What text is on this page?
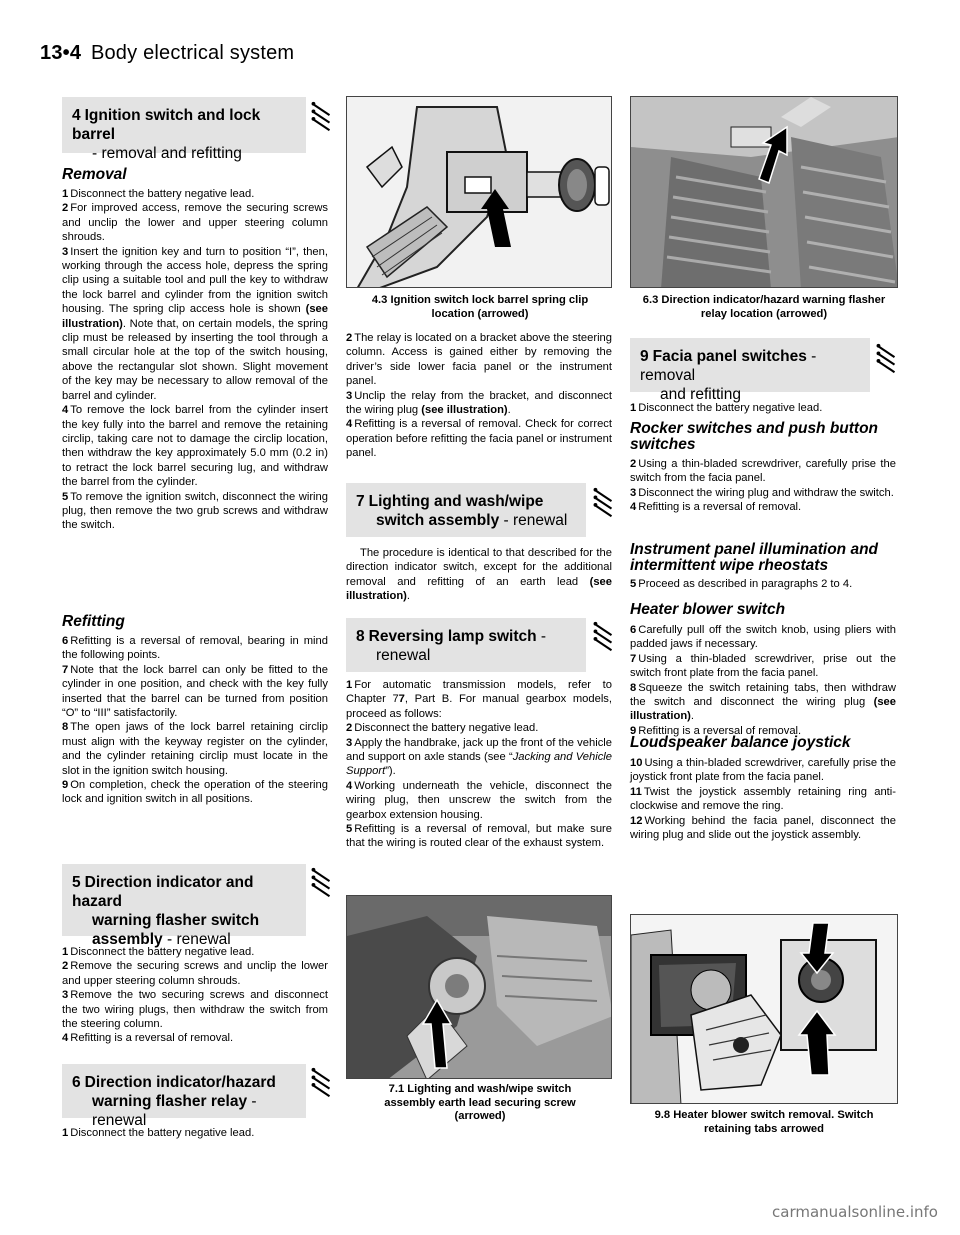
13•4 Body electrical system
4 Ignition switch and lock barrel
- removal and refitting
Removal

1 Disconnect the battery negative lead.

2 For improved access, remove the securing screws and unclip the lower and upper steering column shrouds.

3 Insert the ignition key and turn to position “I”, then, working through the access hole, depress the spring clip using a suitable tool and pull the key to withdraw the lock barrel and cylinder from the ignition switch housing. The spring clip access hole is shown (see illustration). Note that, on certain models, the spring clip must be released by inserting the tool through a small circular hole at the top of the switch housing, above the rectangular slot shown. Slight movement of the key may be necessary to allow removal of the barrel and cylinder.

4 To remove the lock barrel from the cylinder insert the key fully into the barrel and remove the retaining circlip, taking care not to damage the circlip location, then withdraw the key approximately 5.0 mm (0.2 in) to retract the lock barrel securing lug, and withdraw the barrel from the cylinder.

5 To remove the ignition switch, disconnect the wiring plug, then remove the two grub screws and withdraw the switch.

Refitting

6 Refitting is a reversal of removal, bearing in mind the following points.

7 Note that the lock barrel can only be fitted to the cylinder in one position, and check with the key fully inserted that the barrel can be turned from position “O” to “III” satisfactorily.

8 The open jaws of the lock barrel retaining circlip must align with the keyway register on the cylinder, and the cylinder retaining circlip must locate in the slot in the ignition switch housing.

9 On completion, check the operation of the steering lock and ignition switch in all positions.

5 Direction indicator and hazard
warning flasher switch
assembly - renewal

1 Disconnect the battery negative lead.

2 Remove the securing screws and unclip the lower and upper steering column shrouds.

3 Remove the two securing screws and disconnect the two wiring plugs, then withdraw the switch from the steering column.

4 Refitting is a reversal of removal.

6 Direction indicator/hazard
warning flasher relay - renewal

1 Disconnect the battery negative lead.

4.3 Ignition switch lock barrel spring clip location (arrowed)

2 The relay is located on a bracket above the steering column. Access is gained either by removing the driver’s side lower facia panel or the instrument panel.

3 Unclip the relay from the bracket, and disconnect the wiring plug (see illustration).

4 Refitting is a reversal of removal. Check for correct operation before refitting the facia panel or instrument panel.

7 Lighting and wash/wipe
switch assembly - renewal

The procedure is identical to that described for the direction indicator switch, except for the additional removal and refitting of an earth lead (see illustration).

8 Reversing lamp switch -
renewal

1 For automatic transmission models, refer to Chapter 77, Part B. For manual gearbox models, proceed as follows:

2 Disconnect the battery negative lead.

3 Apply the handbrake, jack up the front of the vehicle and support on axle stands (see “Jacking and Vehicle Support”).

4 Working underneath the vehicle, disconnect the wiring plug, then unscrew the switch from the gearbox extension housing.

5 Refitting is a reversal of removal, but make sure that the wiring is routed clear of the exhaust system.

7.1 Lighting and wash/wipe switch assembly earth lead securing screw (arrowed)
6.3 Direction indicator/hazard warning flasher relay location (arrowed)
9 Facia panel switches - removal
and refitting

1 Disconnect the battery negative lead.

Rocker switches and push button switches

2 Using a thin-bladed screwdriver, carefully prise the switch from the facia panel.

3 Disconnect the wiring plug and withdraw the switch.

4 Refitting is a reversal of removal.

Instrument panel illumination and intermittent wipe rheostats

5 Proceed as described in paragraphs 2 to 4.

Heater blower switch

6 Carefully pull off the switch knob, using pliers with padded jaws if necessary.

7 Using a thin-bladed screwdriver, prise out the switch front plate from the facia panel.

8 Squeeze the switch retaining tabs, then withdraw the switch and disconnect the wiring plug (see illustration).

9 Refitting is a reversal of removal.

Loudspeaker balance joystick

10 Using a thin-bladed screwdriver, carefully prise the joystick front plate from the facia panel.

11 Twist the joystick assembly retaining ring anti-clockwise and remove the ring.

12 Working behind the facia panel, disconnect the wiring plug and slide out the joystick assembly.

9.8 Heater blower switch removal. Switch retaining tabs arrowed
carmanualsonline.info
